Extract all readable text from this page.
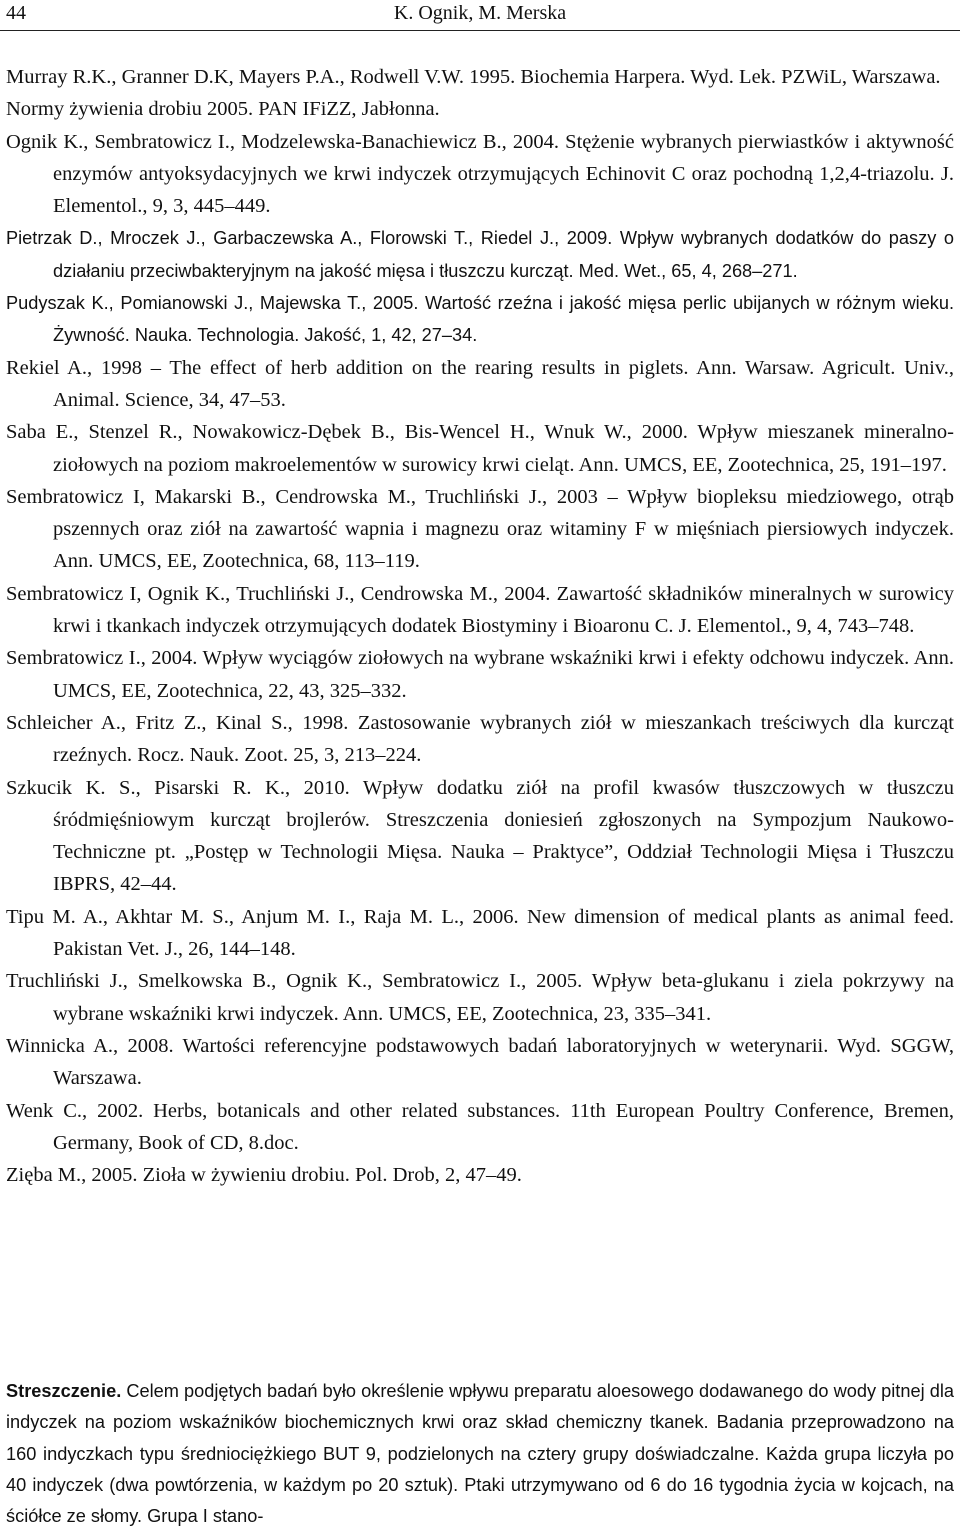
44	K. Ognik, M. Merska
Murray R.K., Granner D.K, Mayers P.A., Rodwell V.W. 1995. Biochemia Harpera. Wyd. Lek. PZWiL, Warszawa.
Normy żywienia drobiu 2005. PAN IFiZZ, Jabłonna.
Ognik K., Sembratowicz I., Modzelewska-Banachiewicz B., 2004. Stężenie wybranych pierwiastków i aktywność enzymów antyoksydacyjnych we krwi indyczek otrzymujących Echinovit C oraz pochodną 1,2,4-triazolu. J. Elementol., 9, 3, 445–449.
Pietrzak D., Mroczek J., Garbaczewska A., Florowski T., Riedel J., 2009. Wpływ wybranych dodatków do paszy o działaniu przeciwbakteryjnym na jakość mięsa i tłuszczu kurcząt. Med. Wet., 65, 4, 268–271.
Pudyszak K., Pomianowski J., Majewska T., 2005. Wartość rzeźna i jakość mięsa perlic ubijanych w różnym wieku. Żywność. Nauka. Technologia. Jakość, 1, 42, 27–34.
Rekiel A., 1998 – The effect of herb addition on the rearing results in piglets. Ann. Warsaw. Agricult. Univ., Animal. Science, 34, 47–53.
Saba E., Stenzel R., Nowakowicz-Dębek B., Bis-Wencel H., Wnuk W., 2000. Wpływ mieszanek mineralno-ziołowych na poziom makroelementów w surowicy krwi cieląt. Ann. UMCS, EE, Zootechnica, 25, 191–197.
Sembratowicz I, Makarski B., Cendrowska M., Truchliński J., 2003 – Wpływ biopleksu miedziowego, otrąb pszennych oraz ziół na zawartość wapnia i magnezu oraz witaminy F w mięśniach piersiowych indyczek. Ann. UMCS, EE, Zootechnica, 68, 113–119.
Sembratowicz I, Ognik K., Truchliński J., Cendrowska M., 2004. Zawartość składników mineralnych w surowicy krwi i tkankach indyczek otrzymujących dodatek Biostyminy i Bioaronu C. J. Elementol., 9, 4, 743–748.
Sembratowicz I., 2004. Wpływ wyciągów ziołowych na wybrane wskaźniki krwi i efekty odchowu indyczek. Ann. UMCS, EE, Zootechnica, 22, 43, 325–332.
Schleicher A., Fritz Z., Kinal S., 1998. Zastosowanie wybranych ziół w mieszankach treściwych dla kurcząt rzeźnych. Rocz. Nauk. Zoot. 25, 3, 213–224.
Szkucik K. S., Pisarski R. K., 2010. Wpływ dodatku ziół na profil kwasów tłuszczowych w tłuszczu śródmięśniowym kurcząt brojlerów. Streszczenia doniesień zgłoszonych na Sympozjum Naukowo-Techniczne pt. „Postęp w Technologii Mięsa. Nauka – Praktyce”, Oddział Technologii Mięsa i Tłuszczu IBPRS, 42–44.
Tipu M. A., Akhtar M. S., Anjum M. I., Raja M. L., 2006. New dimension of medical plants as animal feed. Pakistan Vet. J., 26, 144–148.
Truchliński J., Smelkowska B., Ognik K., Sembratowicz I., 2005. Wpływ beta-glukanu i ziela pokrzywy na wybrane wskaźniki krwi indyczek. Ann. UMCS, EE, Zootechnica, 23, 335–341.
Winnicka A., 2008. Wartości referencyjne podstawowych badań laboratoryjnych w weterynarii. Wyd. SGGW, Warszawa.
Wenk C., 2002. Herbs, botanicals and other related substances. 11th European Poultry Conference, Bremen, Germany, Book of CD, 8.doc.
Zięba M., 2005. Zioła w żywieniu drobiu. Pol. Drob, 2, 47–49.

Streszczenie. Celem podjętych badań było określenie wpływu preparatu aloesowego dodawanego do wody pitnej dla indyczek na poziom wskaźników biochemicznych krwi oraz skład chemiczny tkanek. Badania przeprowadzono na 160 indyczkach typu średniociężkiego BUT 9, podzielonych na cztery grupy doświadczalne. Każda grupa liczyła po 40 indyczek (dwa powtórzenia, w każdym po 20 sztuk). Ptaki utrzymywano od 6 do 16 tygodnia życia w kojcach, na ściółce ze słomy. Grupa I stano-
